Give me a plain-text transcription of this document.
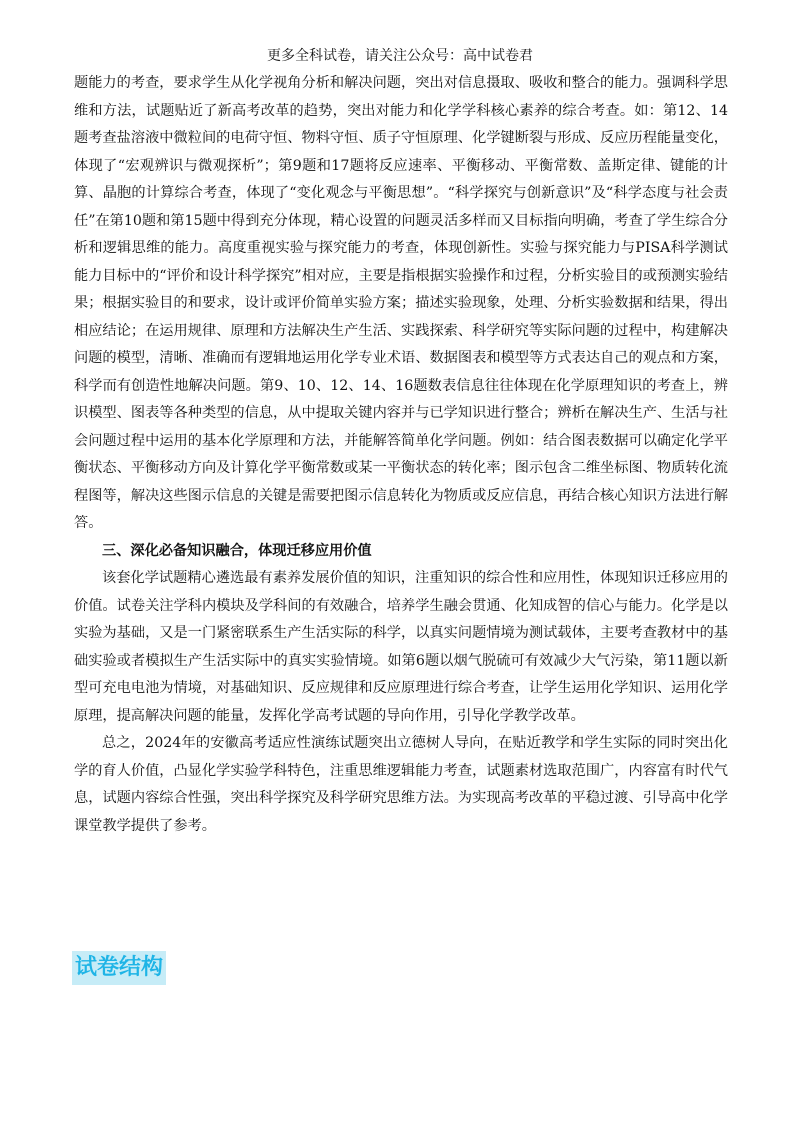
更多全科试卷，请关注公众号：高中试卷君

题能力的考查，要求学生从化学视角分析和解决问题，突出对信息摄取、吸收和整合的能力。强调科学思维和方法，试题贴近了新高考改革的趋势，突出对能力和化学学科核心素养的综合考查。如：第12、14题考查盐溶液中微粒间的电荷守恒、物料守恒、质子守恒原理、化学键断裂与形成、反应历程能量变化，体现了“宏观辨识与微观探析”；第9题和17题将反应速率、平衡移动、平衡常数、盖斯定律、键能的计算、晶胞的计算综合考查，体现了“变化观念与平衡思想”。“科学探究与创新意识”及“科学态度与社会责任”在第10题和第15题中得到充分体现，精心设置的问题灵活多样而又目标指向明确，考查了学生综合分析和逻辑思维的能力。高度重视实验与探究能力的考查，体现创新性。实验与探究能力与PISA科学测试能力目标中的“评价和设计科学探究”相对应，主要是指根据实验操作和过程，分析实验目的或预测实验结果；根据实验目的和要求，设计或评价简单实验方案；描述实验现象，处理、分析实验数据和结果，得出相应结论；在运用规律、原理和方法解决生产生活、实践探索、科学研究等实际问题的过程中，构建解决问题的模型，清晰、准确而有逻辑地运用化学专业术语、数据图表和模型等方式表达自己的观点和方案，科学而有创造性地解决问题。第9、10、12、14、16题数表信息往往体现在化学原理知识的考查上，辨识模型、图表等各种类型的信息，从中提取关键内容并与已学知识进行整合；辨析在解决生产、生活与社会问题过程中运用的基本化学原理和方法，并能解答简单化学问题。例如：结合图表数据可以确定化学平衡状态、平衡移动方向及计算化学平衡常数或某一平衡状态的转化率；图示包含二维坐标图、物质转化流程图等，解决这些图示信息的关键是需要把图示信息转化为物质或反应信息，再结合核心知识方法进行解答。

三、深化必备知识融合，体现迁移应用价值

该套化学试题精心遴选最有素养发展价值的知识，注重知识的综合性和应用性，体现知识迁移应用的价值。试卷关注学科内模块及学科间的有效融合，培养学生融会贯通、化知成智的信心与能力。化学是以实验为基础，又是一门紧密联系生产生活实际的科学，以真实问题情境为测试载体，主要考查教材中的基础实验或者模拟生产生活实际中的真实实验情境。如第6题以烟气脱硫可有效减少大气污染，第11题以新型可充电电池为情境，对基础知识、反应规律和反应原理进行综合考查，让学生运用化学知识、运用化学原理，提高解决问题的能量，发挥化学高考试题的导向作用，引导化学教学改革。

总之，2024年的安徽高考适应性演练试题突出立德树人导向，在贴近教学和学生实际的同时突出化学的育人价值，凸显化学实验学科特色，注重思维逻辑能力考查，试题素材选取范围广，内容富有时代气息，试题内容综合性强，突出科学探究及科学研究思维方法。为实现高考改革的平稳过渡、引导高中化学课堂教学提供了参考。

试卷结构
